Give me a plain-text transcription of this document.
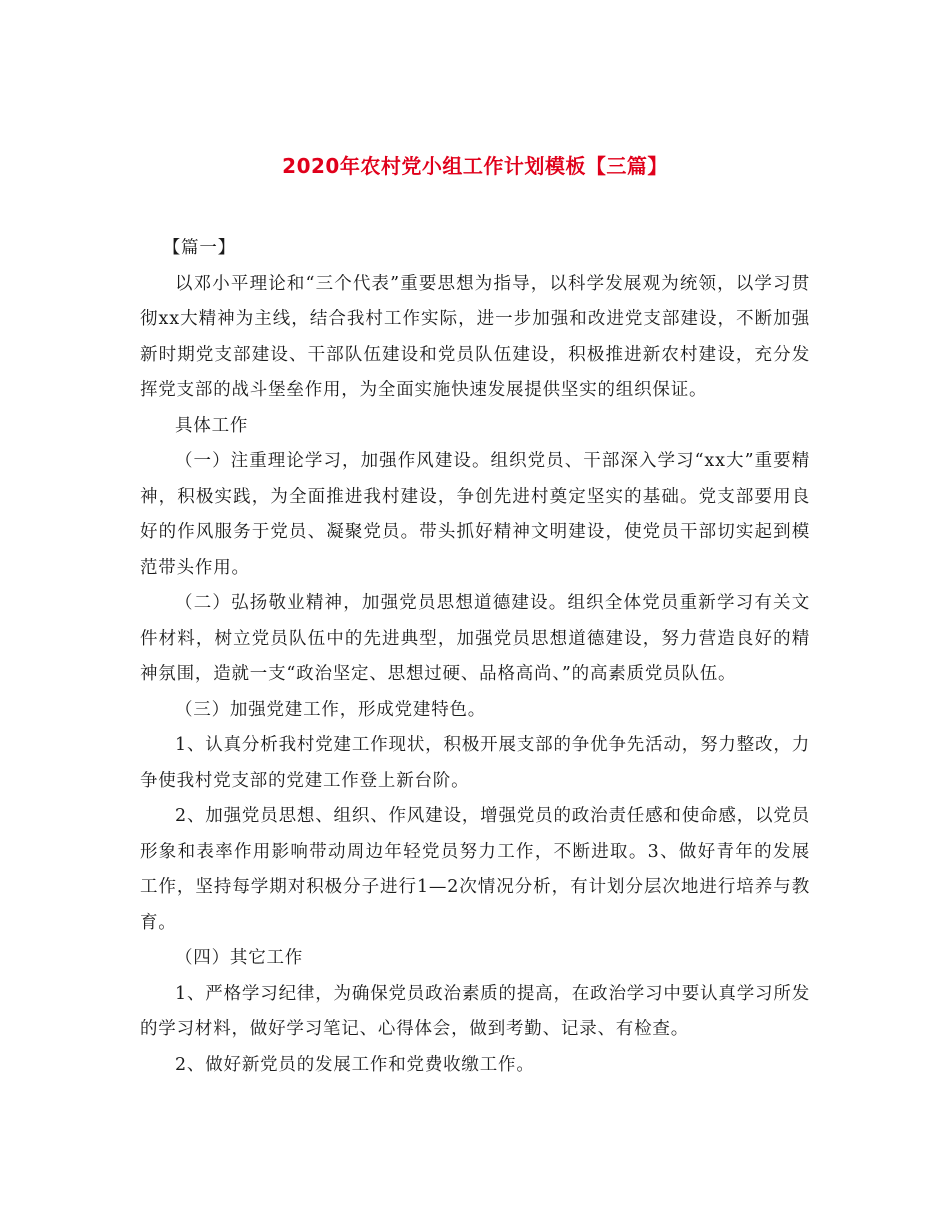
2020年农村党小组工作计划模板【三篇】

【篇一】

以邓小平理论和“三个代表”重要思想为指导，以科学发展观为统领，以学习贯彻xx大精神为主线，结合我村工作实际，进一步加强和改进党支部建设，不断加强新时期党支部建设、干部队伍建设和党员队伍建设，积极推进新农村建设，充分发挥党支部的战斗堡垒作用，为全面实施快速发展提供坚实的组织保证。

具体工作

（一）注重理论学习，加强作风建设。组织党员、干部深入学习“xx大”重要精神，积极实践，为全面推进我村建设，争创先进村奠定坚实的基础。党支部要用良好的作风服务于党员、凝聚党员。带头抓好精神文明建设，使党员干部切实起到模范带头作用。

（二）弘扬敬业精神，加强党员思想道德建设。组织全体党员重新学习有关文件材料，树立党员队伍中的先进典型，加强党员思想道德建设，努力营造良好的精神氛围，造就一支“政治坚定、思想过硬、品格高尚、”的高素质党员队伍。

（三）加强党建工作，形成党建特色。

1、认真分析我村党建工作现状，积极开展支部的争优争先活动，努力整改，力争使我村党支部的党建工作登上新台阶。

2、加强党员思想、组织、作风建设，增强党员的政治责任感和使命感，以党员形象和表率作用影响带动周边年轻党员努力工作，不断进取。3、做好青年的发展工作，坚持每学期对积极分子进行1—2次情况分析，有计划分层次地进行培养与教育。

（四）其它工作

1、严格学习纪律，为确保党员政治素质的提高，在政治学习中要认真学习所发的学习材料，做好学习笔记、心得体会，做到考勤、记录、有检查。

2、做好新党员的发展工作和党费收缴工作。
